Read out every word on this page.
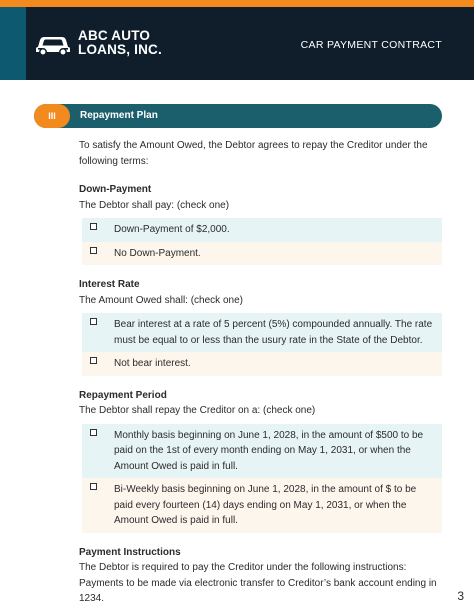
ABC AUTO
LOANS, INC.	CAR PAYMENT CONTRACT
III	Repayment Plan

To satisfy the Amount Owed, the Debtor agrees to repay the Creditor under the following terms:

Down-Payment
The Debtor shall pay: (check one)
Down-Payment of $2,000.
No Down-Payment.
Interest Rate
The Amount Owed shall: (check one)
Bear interest at a rate of 5 percent (5%) compounded annually. The rate must be equal to or less than the usury rate in the State of the Debtor.
Not bear interest.
Repayment Period
The Debtor shall repay the Creditor on a: (check one)
Monthly basis beginning on June 1, 2028, in the amount of $500 to be paid on the 1st of every month ending on May 1, 2031, or when the Amount Owed is paid in full.
Bi-Weekly basis beginning on June 1, 2028, in the amount of $ to be paid every fourteen (14) days ending on May 1, 2031, or when the Amount Owed is paid in full.
Payment Instructions
The Debtor is required to pay the Creditor under the following instructions: Payments to be made via electronic transfer to Creditor’s bank account ending in 1234.	3
